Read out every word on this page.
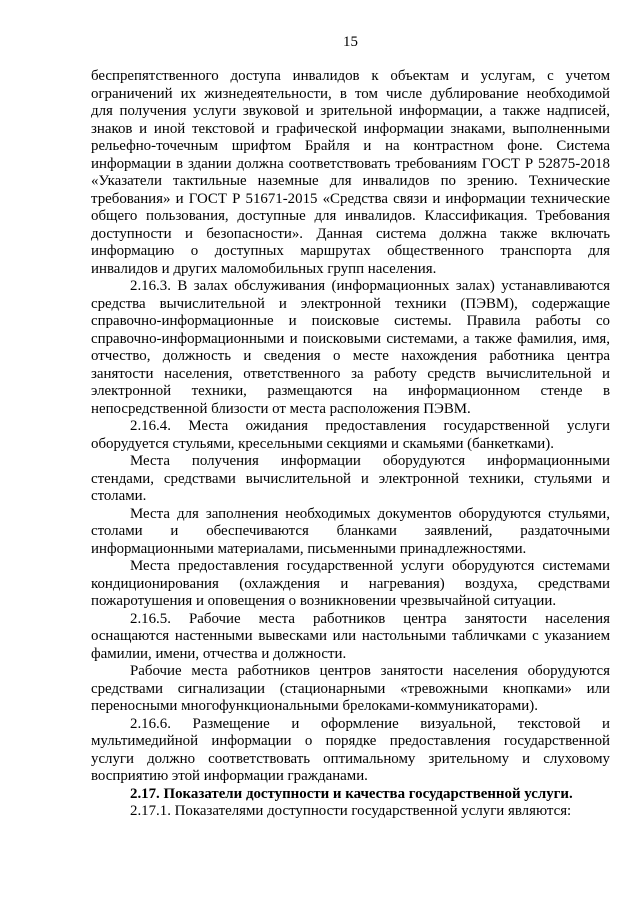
15
беспрепятственного доступа инвалидов к объектам и услугам, с учетом
ограничений их жизнедеятельности, в том числе дублирование необходимой
для получения услуги звуковой и зрительной информации, а также надписей,
знаков и иной текстовой и графической информации знаками, выполненными
рельефно-точечным шрифтом Брайля и на контрастном фоне. Система
информации в здании должна соответствовать требованиям ГОСТ Р 52875-2018
«Указатели тактильные наземные для инвалидов по зрению. Технические
требования» и ГОСТ Р 51671-2015 «Средства связи и информации технические
общего пользования, доступные для инвалидов. Классификация. Требования
доступности и безопасности». Данная система должна также включать
информацию о доступных маршрутах общественного транспорта для
инвалидов и других маломобильных групп населения.
2.16.3. В залах обслуживания (информационных залах) устанавливаются
средства вычислительной и электронной техники (ПЭВМ), содержащие
справочно-информационные и поисковые системы. Правила работы со
справочно-информационными и поисковыми системами, а также фамилия, имя,
отчество, должность и сведения о месте нахождения работника центра
занятости населения, ответственного за работу средств вычислительной и
электронной техники, размещаются на информационном стенде в
непосредственной близости от места расположения ПЭВМ.
2.16.4. Места ожидания предоставления государственной услуги
оборудуется стульями, кресельными секциями и скамьями (банкетками).
Места получения информации оборудуются информационными
стендами, средствами вычислительной и электронной техники, стульями и
столами.
Места для заполнения необходимых документов оборудуются стульями,
столами и обеспечиваются бланками заявлений, раздаточными
информационными материалами, письменными принадлежностями.
Места предоставления государственной услуги оборудуются системами
кондиционирования (охлаждения и нагревания) воздуха, средствами
пожаротушения и оповещения о возникновении чрезвычайной ситуации.
2.16.5. Рабочие места работников центра занятости населения
оснащаются настенными вывесками или настольными табличками с указанием
фамилии, имени, отчества и должности.
Рабочие места работников центров занятости населения оборудуются
средствами сигнализации (стационарными «тревожными кнопками» или
переносными многофункциональными брелоками-коммуникаторами).
2.16.6. Размещение и оформление визуальной, текстовой и
мультимедийной информации о порядке предоставления государственной
услуги должно соответствовать оптимальному зрительному и слуховому
восприятию этой информации гражданами.
2.17. Показатели доступности и качества государственной услуги.
2.17.1. Показателями доступности государственной услуги являются:
